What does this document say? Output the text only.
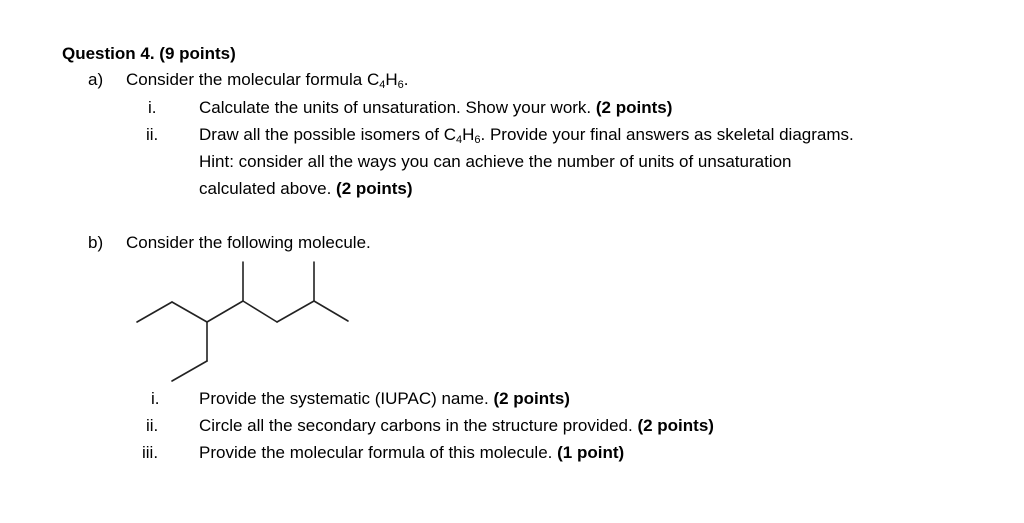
Question 4. (9 points)
a) Consider the molecular formula $C_4H_6$.
i.	Calculate the units of unsaturation. Show your work. (2 points)
ii. Draw all the possible isomers of $C_4H_6$. Provide your final answers as skeletal diagrams.
Hint: consider all the ways you can achieve the number of units of unsaturation
calculated above. (2 points)
b) Consider the following molecule.
i. Provide the systematic (IUPAC) name. (2 points)
ii. Circle all the secondary carbons in the structure provided. (2 points)
iii. Provide the molecular formula of this molecule. (1 point)
